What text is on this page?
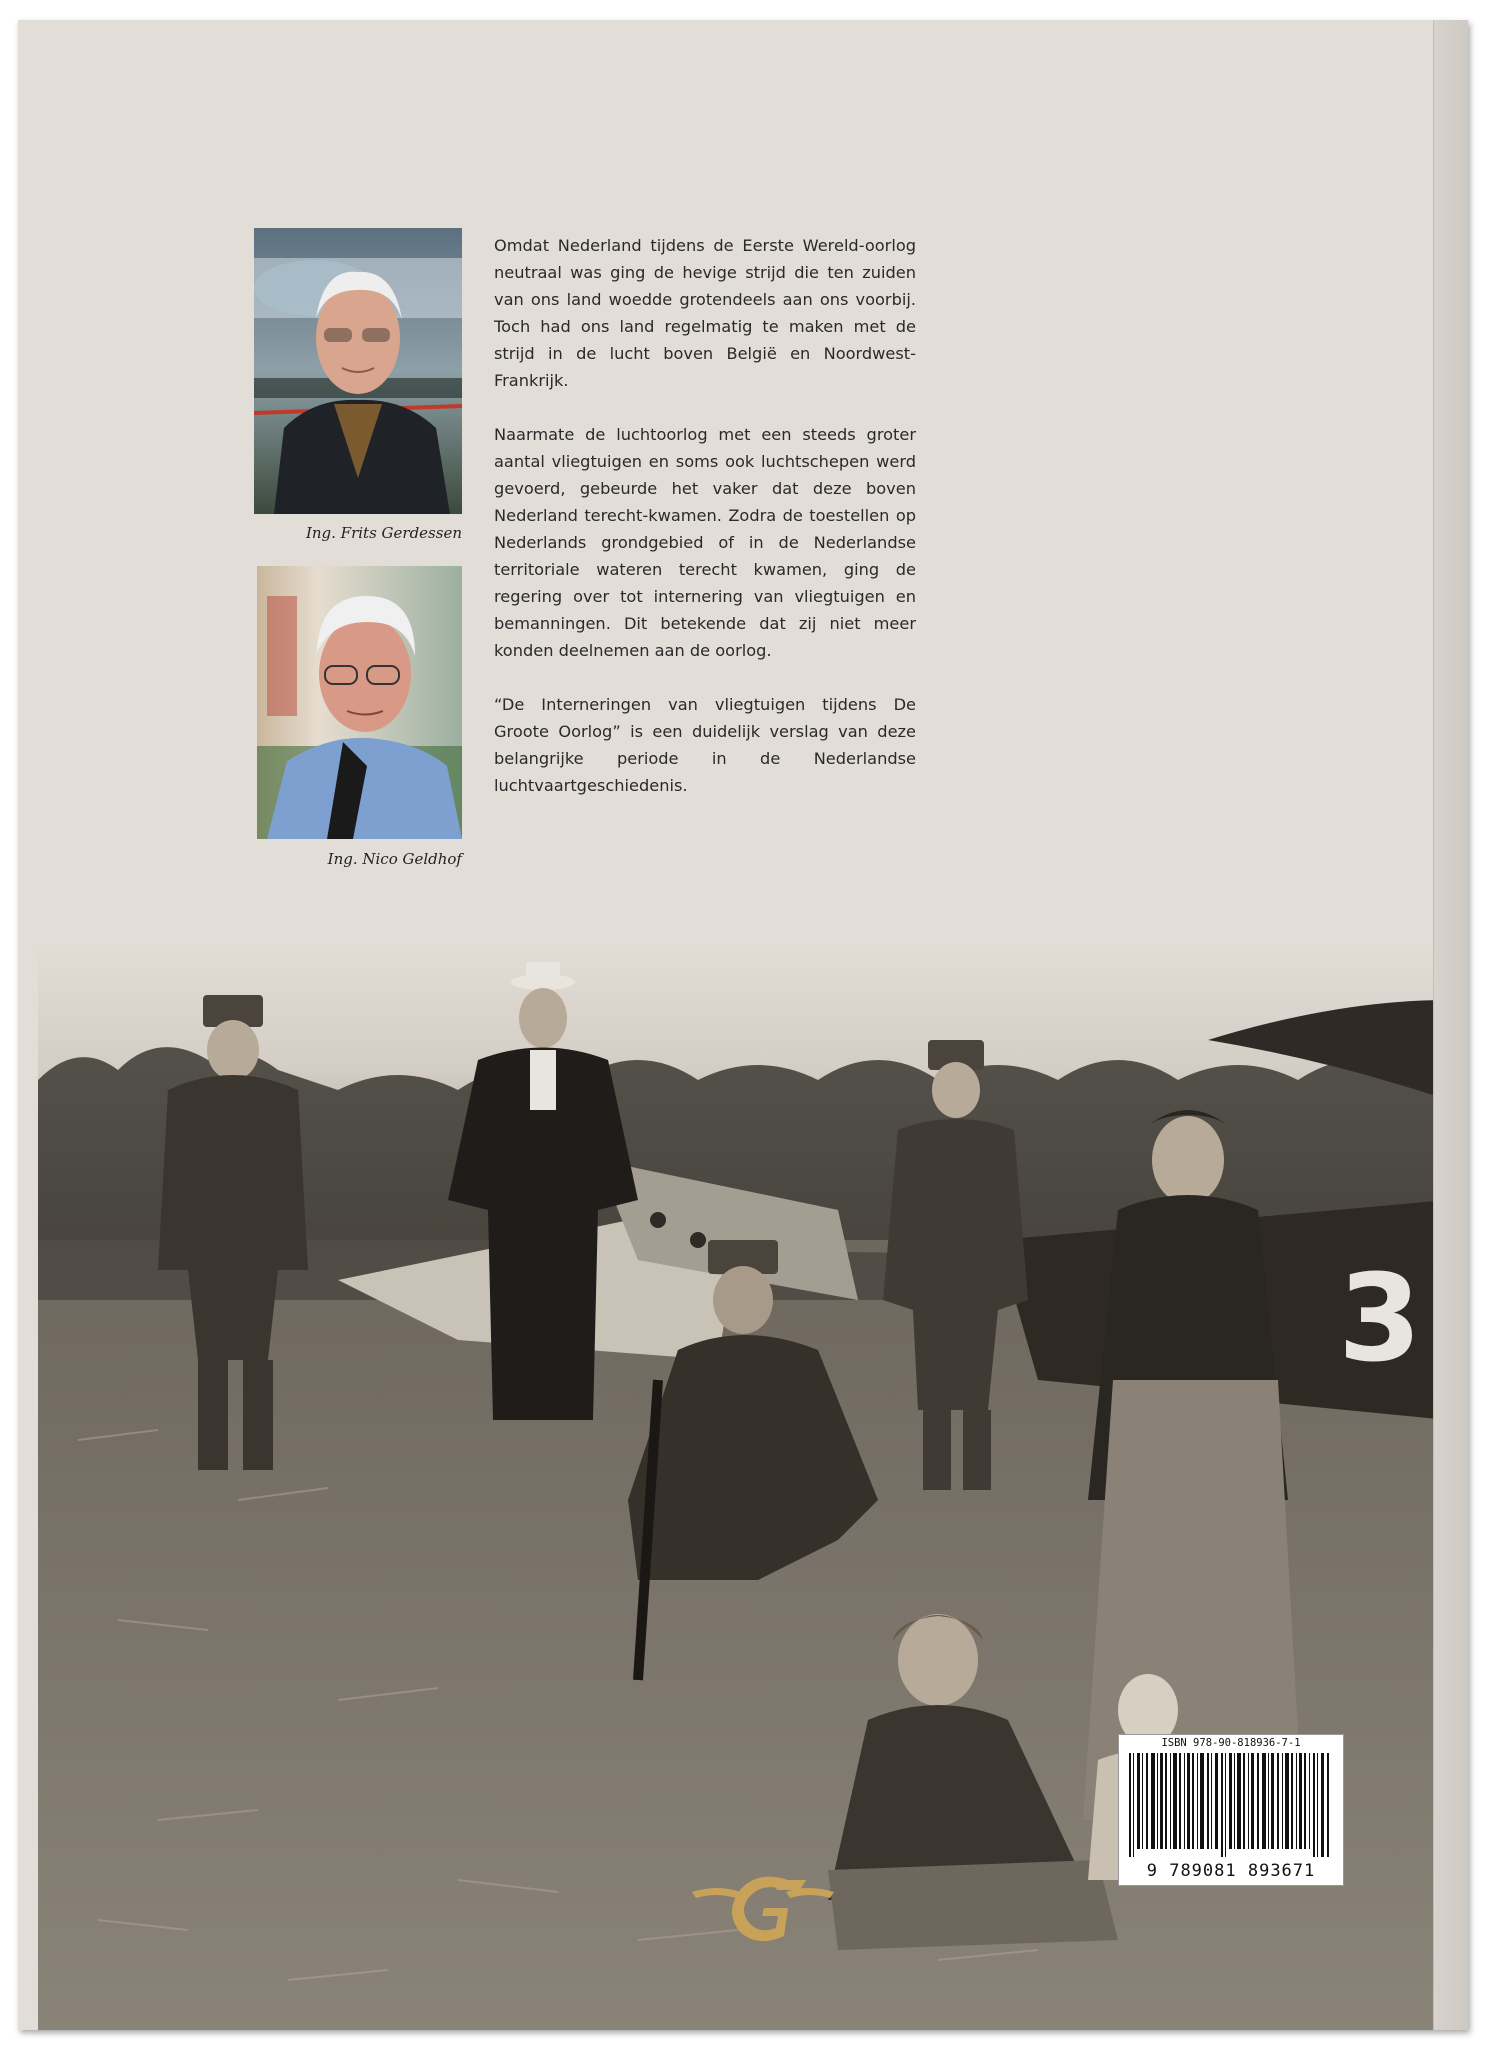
Ing. Frits Gerdessen
Ing. Nico Geldhof

Omdat Nederland tijdens de Eerste Wereld-oorlog neutraal was ging de hevige strijd die ten zuiden van ons land woedde grotendeels aan ons voorbij. Toch had ons land regelmatig te maken met de strijd in de lucht boven België en Noordwest-Frankrijk.

Naarmate de luchtoorlog met een steeds groter aantal vliegtuigen en soms ook luchtschepen werd gevoerd, gebeurde het vaker dat deze boven Nederland terecht-kwamen. Zodra de toestellen op Nederlands grondgebied of in de Nederlandse territoriale wateren terecht kwamen, ging de regering over tot internering van vliegtuigen en bemanningen. Dit betekende dat zij niet meer konden deelnemen aan de oorlog.

“De Interneringen van vliegtuigen tijdens De Groote Oorlog” is een duidelijk verslag van deze belangrijke periode in de Nederlandse luchtvaartgeschiedenis.

3
ISBN 978-90-818936-7-1
9 789081 893671
